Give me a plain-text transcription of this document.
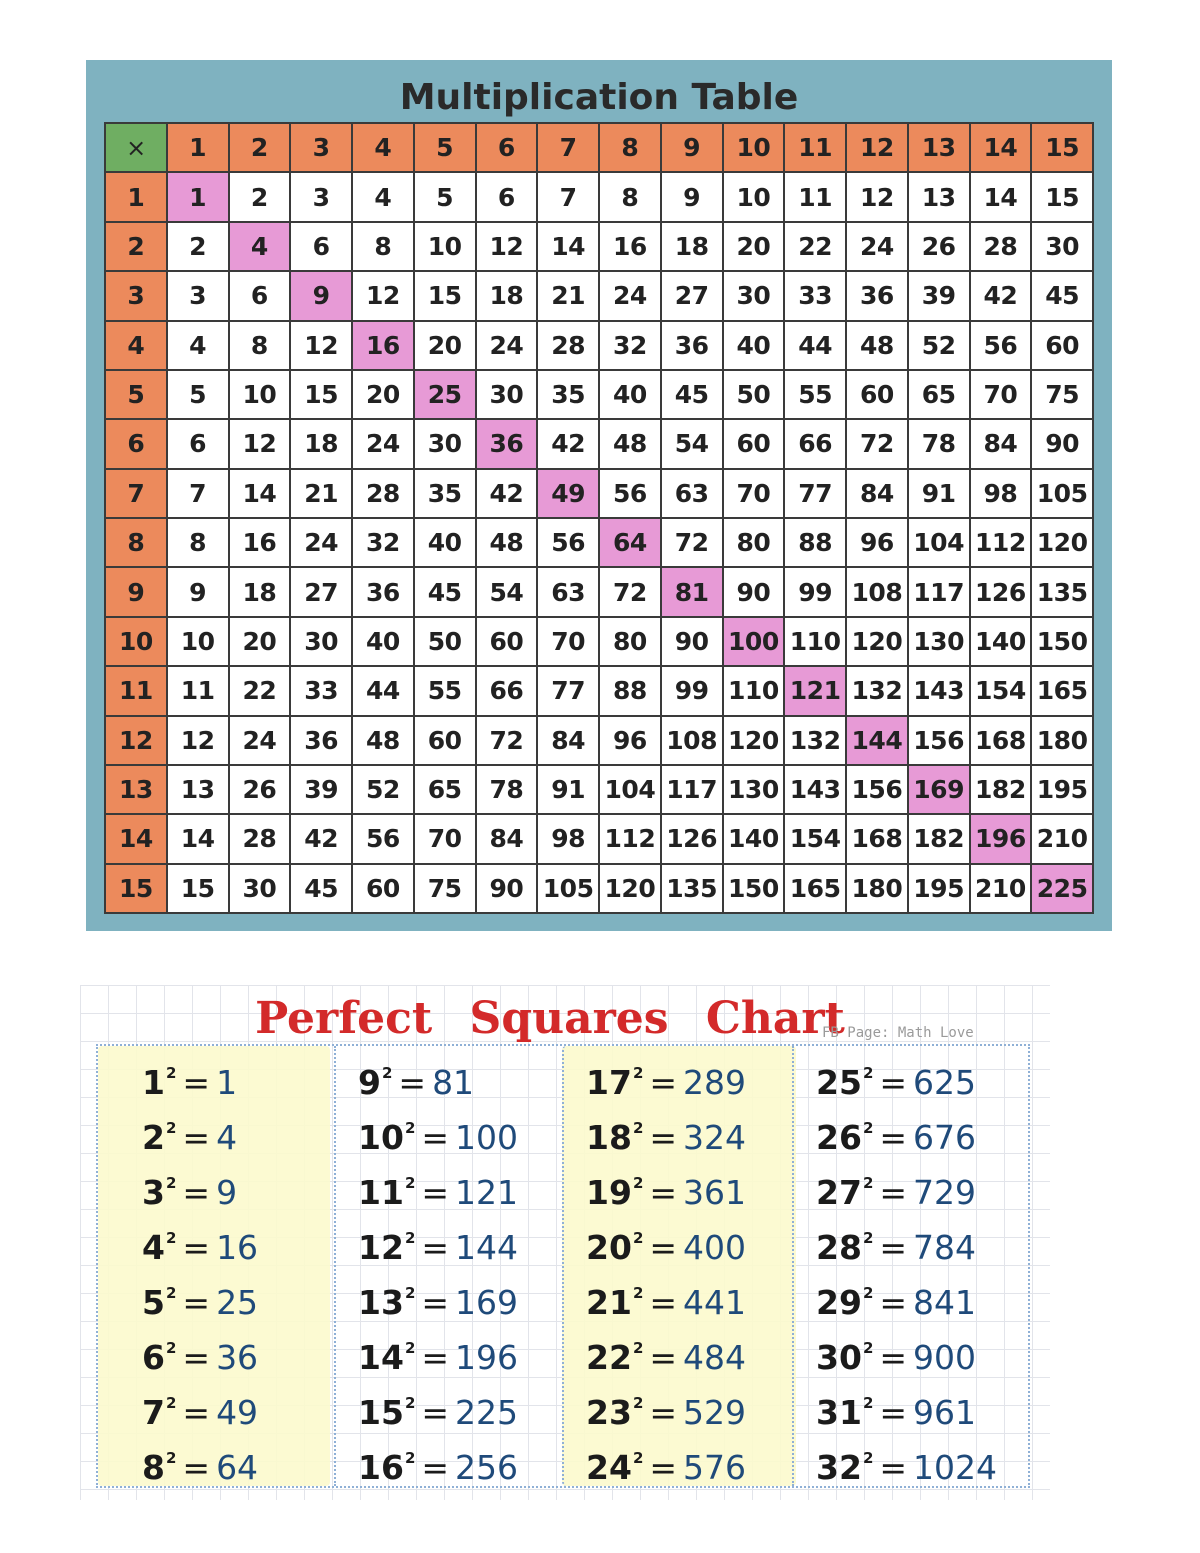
Multiplication Table
×	1	2	3	4	5	6	7	8	9	10	11	12	13	14	15
1	1	2	3	4	5	6	7	8	9	10	11	12	13	14	15
2	2	4	6	8	10	12	14	16	18	20	22	24	26	28	30
3	3	6	9	12	15	18	21	24	27	30	33	36	39	42	45
4	4	8	12	16	20	24	28	32	36	40	44	48	52	56	60
5	5	10	15	20	25	30	35	40	45	50	55	60	65	70	75
6	6	12	18	24	30	36	42	48	54	60	66	72	78	84	90
7	7	14	21	28	35	42	49	56	63	70	77	84	91	98	105
8	8	16	24	32	40	48	56	64	72	80	88	96	104	112	120
9	9	18	27	36	45	54	63	72	81	90	99	108	117	126	135
10	10	20	30	40	50	60	70	80	90	100	110	120	130	140	150
11	11	22	33	44	55	66	77	88	99	110	121	132	143	154	165
12	12	24	36	48	60	72	84	96	108	120	132	144	156	168	180
13	13	26	39	52	65	78	91	104	117	130	143	156	169	182	195
14	14	28	42	56	70	84	98	112	126	140	154	168	182	196	210
15	15	30	45	60	75	90	105	120	135	150	165	180	195	210	225
Perfect Squares Chart
FB Page: Math Love
$1^2 = 1$
$2^2 = 4$
$3^2 = 9$
$4^2 = 16$
$5^2 = 25$
$6^2 = 36$
$7^2 = 49$
$8^2 = 64$
$9^2 = 81$
$10^2 = 100$
$11^2 = 121$
$12^2 = 144$
$13^2 = 169$
$14^2 = 196$
$15^2 = 225$
$16^2 = 256$
$17^2 = 289$
$18^2 = 324$
$19^2 = 361$
$20^2 = 400$
$21^2 = 441$
$22^2 = 484$
$23^2 = 529$
$24^2 = 576$
$25^2 = 625$
$26^2 = 676$
$27^2 = 729$
$28^2 = 784$
$29^2 = 841$
$30^2 = 900$
$31^2 = 961$
$32^2 = 1024$
